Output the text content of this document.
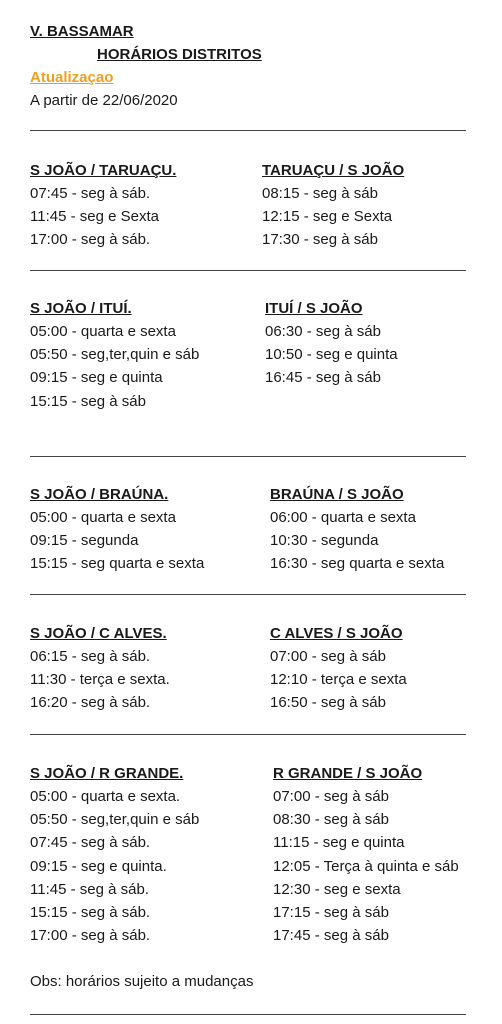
V. BASSAMAR
HORÁRIOS DISTRITOS
Atualizaçao
A partir de 22/06/2020
S JOÃO / TARUAÇU.
07:45 - seg à sáb.
11:45 - seg e Sexta
17:00 - seg à sáb.
TARUAÇU / S JOÃO
08:15 - seg à sáb
12:15 - seg e Sexta
17:30 - seg à sáb
S JOÃO / ITUÍ.
05:00 - quarta e sexta
05:50 - seg,ter,quin e sáb
09:15 - seg e quinta
15:15 - seg à sáb
ITUÍ / S JOÃO
06:30 - seg à sáb
10:50 - seg e quinta
16:45 - seg à sáb
S JOÃO / BRAÚNA.
05:00 - quarta e sexta
09:15 - segunda
15:15 - seg quarta e sexta
BRAÚNA / S JOÃO
06:00 - quarta e sexta
10:30 - segunda
16:30 - seg quarta e sexta
S JOÃO / C ALVES.
06:15 - seg à sáb.
11:30 - terça e sexta.
16:20 - seg à sáb.
C ALVES / S JOÃO
07:00 - seg à sáb
12:10 - terça e sexta
16:50 - seg à sáb
S JOÃO / R GRANDE.
05:00 - quarta e sexta.
05:50 - seg,ter,quin e sáb
07:45 - seg à sáb.
09:15 - seg e quinta.
11:45 - seg à sáb.
15:15 - seg à sáb.
17:00 - seg à sáb.
R GRANDE / S JOÃO
07:00 - seg à sáb
08:30 - seg à sáb
11:15 - seg e quinta
12:05 - Terça à quinta e sáb
12:30 - seg e sexta
17:15 - seg à sáb
17:45 - seg à sáb
Obs: horários sujeito a mudanças
